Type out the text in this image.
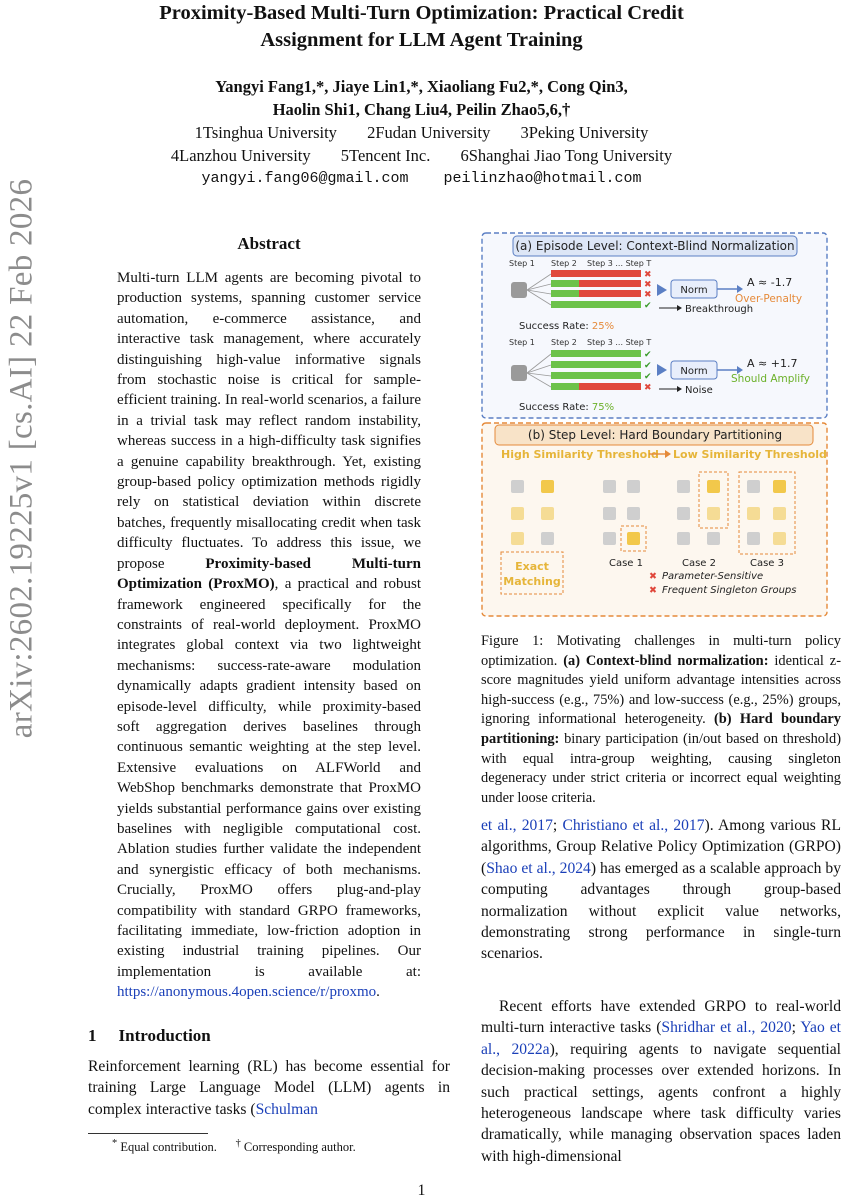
Proximity-Based Multi-Turn Optimization: Practical Credit
Assignment for LLM Agent Training
Yangyi Fang1,*, Jiaye Lin1,*, Xiaoliang Fu2,*, Cong Qin3,
Haolin Shi1, Chang Liu4, Peilin Zhao5,6,†
1Tsinghua University 2Fudan University 3Peking University
4Lanzhou University 5Tencent Inc. 6Shanghai Jiao Tong University
yangyi.fang06@gmail.com peilinzhao@hotmail.com
arXiv:2602.19225v1 [cs.AI] 22 Feb 2026	Abstract
Multi-turn LLM agents are becoming pivotal to production systems, spanning customer service automation, e-commerce assistance, and interactive task management, where accurately distinguishing high-value informative signals from stochastic noise is critical for sample-efficient training. In real-world scenarios, a failure in a trivial task may reflect random instability, whereas success in a high-difficulty task signifies a genuine capability breakthrough. Yet, existing group-based policy optimization methods rigidly rely on statistical deviation within discrete batches, frequently misallocating credit when task difficulty fluctuates. To address this issue, we propose Proximity-based Multi-turn Optimization (ProxMO), a practical and robust framework engineered specifically for the constraints of real-world deployment. ProxMO integrates global context via two lightweight mechanisms: success-rate-aware modulation dynamically adapts gradient intensity based on episode-level difficulty, while proximity-based soft aggregation derives baselines through continuous semantic weighting at the step level. Extensive evaluations on ALFWorld and WebShop benchmarks demonstrate that ProxMO yields substantial performance gains over existing baselines with negligible computational cost. Ablation studies further validate the independent and synergistic efficacy of both mechanisms. Crucially, ProxMO offers plug-and-play compatibility with standard GRPO frameworks, facilitating immediate, low-friction adoption in existing industrial training pipelines. Our implementation is available at: https://anonymous.4open.science/r/proxmo.
1 Introduction
Reinforcement learning (RL) has become essential for training Large Language Model (LLM) agents in complex interactive tasks (Schulman
* Equal contribution. † Corresponding author.
1
(a) Episode Level: Context-Blind Normalization
Step 1 Step 2 Step 3 ... Step T
✖
✖
✖
✔
Norm
A ≈ -1.7
Over-Penalty
Breakthrough
Success Rate: 25%
Step 1 Step 2 Step 3 ... Step T
✔
✔
✔
✖
Norm
A ≈ +1.7
Should Amplify
Noise
Success Rate: 75%
(b) Step Level: Hard Boundary Partitioning
High Similarity Threshold Low Similarity Threshold
Exact
Matching
Case 1	Case 2	Case 3
✖ Parameter-Sensitive
✖ Frequent Singleton Groups
Figure 1: Motivating challenges in multi-turn policy optimization. (a) Context-blind normalization: identical z-score magnitudes yield uniform advantage intensities across high-success (e.g., 75%) and low-success (e.g., 25%) groups, ignoring informational heterogeneity. (b) Hard boundary partitioning: binary participation (in/out based on threshold) with equal intra-group weighting, causing singleton degeneracy under strict criteria or incorrect equal weighting under loose criteria.
et al., 2017; Christiano et al., 2017). Among various RL algorithms, Group Relative Policy Optimization (GRPO) (Shao et al., 2024) has emerged as a scalable approach by computing advantages through group-based normalization without explicit value networks, demonstrating strong performance in single-turn scenarios.
Recent efforts have extended GRPO to real-world multi-turn interactive tasks (Shridhar et al., 2020; Yao et al., 2022a), requiring agents to navigate sequential decision-making processes over extended horizons. In such practical settings, agents confront a highly heterogeneous landscape where task difficulty varies dramatically, while managing observation spaces laden with high-dimensional
